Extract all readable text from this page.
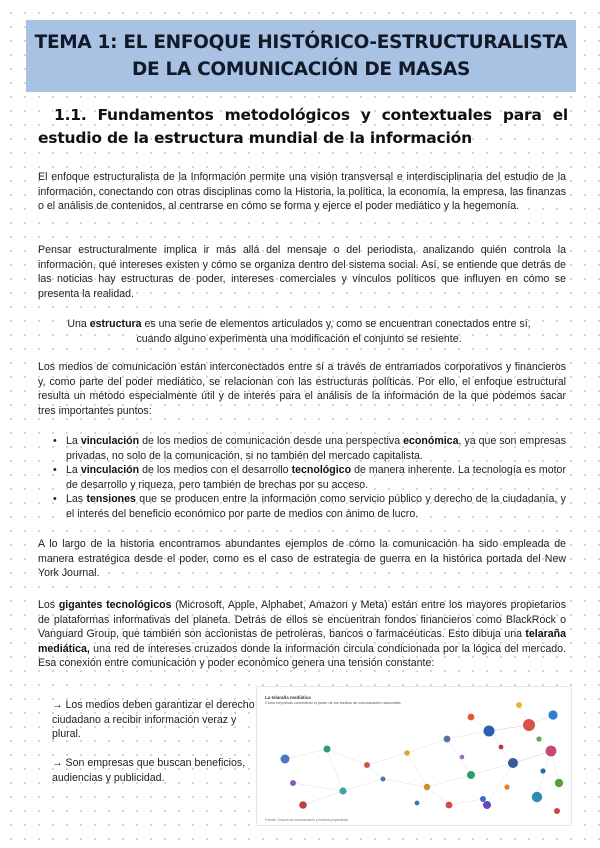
TEMA 1: EL ENFOQUE HISTÓRICO-ESTRUCTURALISTA
DE LA COMUNICACIÓN DE MASAS
1.1. Fundamentos metodológicos y contextuales para el
estudio de la estructura mundial de la información

El enfoque estructuralista de la Información permite una visión transversal e interdisciplinaria del estudio de la información, conectando con otras disciplinas como la Historia, la política, la economía, la empresa, las finanzas o el análisis de contenidos, al centrarse en cómo se forma y ejerce el poder mediático y la hegemonía.

Pensar estructuralmente implica ir más allá del mensaje o del periodista, analizando quién controla la información, qué intereses existen y cómo se organiza dentro del sistema social. Así, se entiende que detrás de las noticias hay estructuras de poder, intereses comerciales y vínculos políticos que influyen en cómo se presenta la realidad.

Una estructura es una serie de elementos articulados y, como se encuentran conectados entre sí, cuando alguno experimenta una modificación el conjunto se resiente.

Los medios de comunicación están interconectados entre sí a través de entramados corporativos y financieros y, como parte del poder mediático, se relacionan con las estructuras políticas. Por ello, el enfoque estructural resulta un método especialmente útil y de interés para el análisis de la información de la que podemos sacar tres importantes puntos:

• La vinculación de los medios de comunicación desde una perspectiva económica, ya que son empresas privadas, no solo de la comunicación, si no también del mercado capitalista.
• La vinculación de los medios con el desarrollo tecnológico de manera inherente. La tecnología es motor de desarrollo y riqueza, pero también de brechas por su acceso.
• Las tensiones que se producen entre la información como servicio público y derecho de la ciudadanía, y el interés del beneficio económico por parte de medios con ánimo de lucro.

A lo largo de la historia encontramos abundantes ejemplos de cómo la comunicación ha sido empleada de manera estratégica desde el poder, como es el caso de estrategia de guerra en la histórica portada del New York Journal.

Los gigantes tecnológicos (Microsoft, Apple, Alphabet, Amazon y Meta) están entre los mayores propietarios de plataformas informativas del planeta. Detrás de ellos se encuentran fondos financieros como BlackRock o Vanguard Group, que también son accionistas de petroleras, bancos o farmacéuticas. Esto dibuja una telaraña mediática, una red de intereses cruzados donde la información circula condicionada por la lógica del mercado. Esa conexión entre comunicación y poder económico genera una tensión constante:

→ Los medios deben garantizar el derecho ciudadano a recibir información veraz y plural.

→ Son empresas que buscan beneficios, audiencias y publicidad.

La telaraña mediática
Cómo empresas concentran el poder de los medios de comunicación nacionales
Fuente: Grupos de comunicación y medios propietarios
